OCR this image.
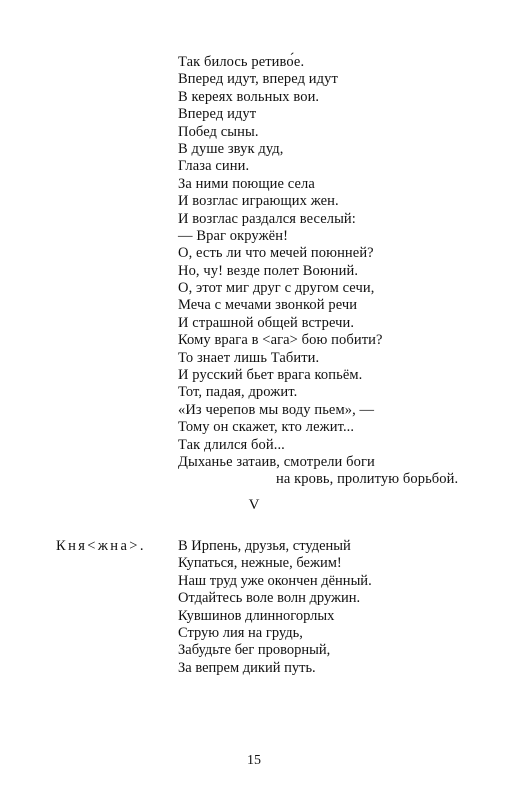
Так билось ретиво́е.
Вперед идут, вперед идут
В кереях вольных вои.
Вперед идут
Побед сыны.
В душе звук дуд,
Глаза сини.
За ними поющие села
И возглас играющих жен.
И возглас раздался веселый:
— Враг окружён!
О, есть ли что мечей поюнней?
Но, чу! везде полет Воюний.
О, этот миг друг с другом сечи,
Меча с мечами звонкой речи
И страшной общей встречи.
Кому врага в <ага> бою побити?
То знает лишь Табити.
И русский бьет врага копьём.
Тот, падая, дрожит.
«Из черепов мы воду пьем», —
Тому он скажет, кто лежит...
Так длился бой...
Дыханье затаив, смотрели боги
на кровь, пролитую борьбой.
V
Кня<жна>. В Ирпень, друзья, студеный
Купаться, нежные, бежим!
Наш труд уже окончен дённый.
Отдайтесь воле волн дружин.
Кувшинов длинногорлых
Струю лия на грудь,
Забудьте бег проворный,
За вепрем дикий путь.
15
